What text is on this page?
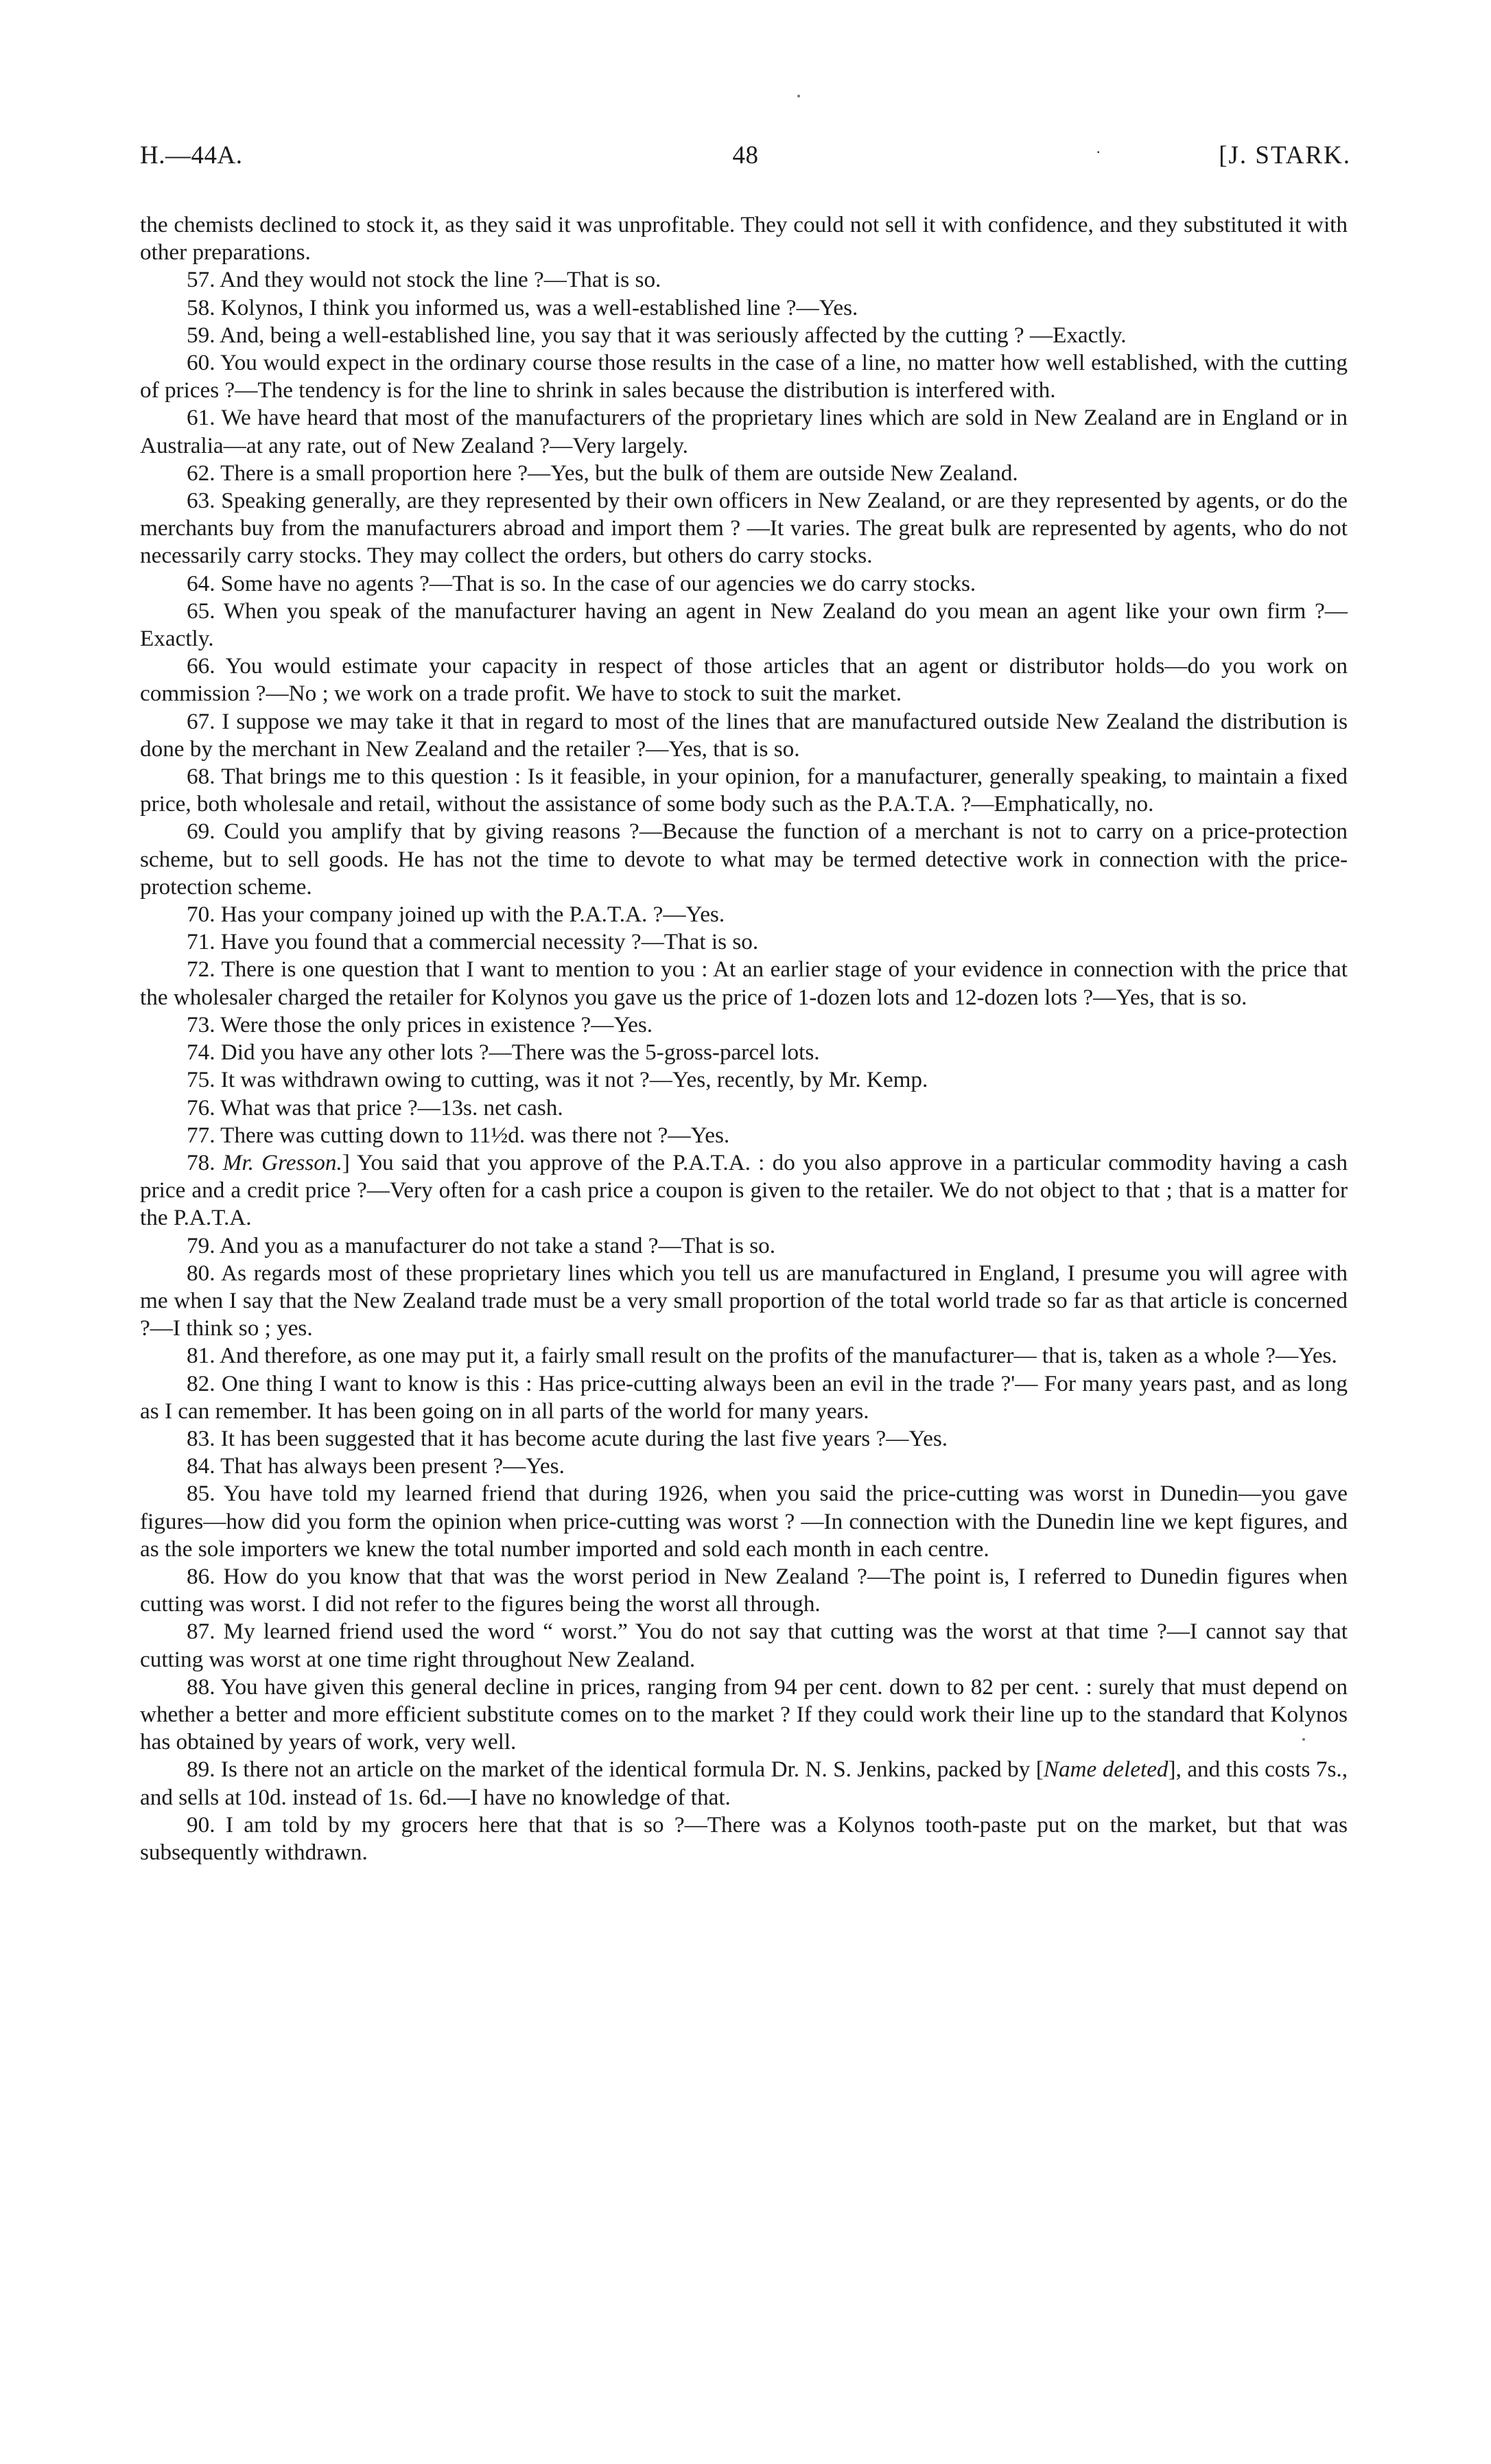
H.—44A.	48	·	[J. STARK.

the chemists declined to stock it, as they said it was unprofitable. They could not sell it with confidence, and they substituted it with other preparations.

57. And they would not stock the line ?—That is so.

58. Kolynos, I think you informed us, was a well-established line ?—Yes.

59. And, being a well-established line, you say that it was seriously affected by the cutting ? —Exactly.

60. You would expect in the ordinary course those results in the case of a line, no matter how well established, with the cutting of prices ?—The tendency is for the line to shrink in sales because the distribution is interfered with.

61. We have heard that most of the manufacturers of the proprietary lines which are sold in New Zealand are in England or in Australia—at any rate, out of New Zealand ?—Very largely.

62. There is a small proportion here ?—Yes, but the bulk of them are outside New Zealand.

63. Speaking generally, are they represented by their own officers in New Zealand, or are they represented by agents, or do the merchants buy from the manufacturers abroad and import them ? —It varies. The great bulk are represented by agents, who do not necessarily carry stocks. They may collect the orders, but others do carry stocks.

64. Some have no agents ?—That is so. In the case of our agencies we do carry stocks.

65. When you speak of the manufacturer having an agent in New Zealand do you mean an agent like your own firm ?—Exactly.

66. You would estimate your capacity in respect of those articles that an agent or distributor holds—do you work on commission ?—No ; we work on a trade profit. We have to stock to suit the market.

67. I suppose we may take it that in regard to most of the lines that are manufactured outside New Zealand the distribution is done by the merchant in New Zealand and the retailer ?—Yes, that is so.

68. That brings me to this question : Is it feasible, in your opinion, for a manufacturer, generally speaking, to maintain a fixed price, both wholesale and retail, without the assistance of some body such as the P.A.T.A. ?—Emphatically, no.

69. Could you amplify that by giving reasons ?—Because the function of a merchant is not to carry on a price-protection scheme, but to sell goods. He has not the time to devote to what may be termed detective work in connection with the price-protection scheme.

70. Has your company joined up with the P.A.T.A. ?—Yes.

71. Have you found that a commercial necessity ?—That is so.

72. There is one question that I want to mention to you : At an earlier stage of your evidence in connection with the price that the wholesaler charged the retailer for Kolynos you gave us the price of 1-dozen lots and 12-dozen lots ?—Yes, that is so.

73. Were those the only prices in existence ?—Yes.

74. Did you have any other lots ?—There was the 5-gross-parcel lots.

75. It was withdrawn owing to cutting, was it not ?—Yes, recently, by Mr. Kemp.

76. What was that price ?—13s. net cash.

77. There was cutting down to 11½d. was there not ?—Yes.

78. Mr. Gresson.] You said that you approve of the P.A.T.A. : do you also approve in a particular commodity having a cash price and a credit price ?—Very often for a cash price a coupon is given to the retailer. We do not object to that ; that is a matter for the P.A.T.A.

79. And you as a manufacturer do not take a stand ?—That is so.

80. As regards most of these proprietary lines which you tell us are manufactured in England, I presume you will agree with me when I say that the New Zealand trade must be a very small proportion of the total world trade so far as that article is concerned ?—I think so ; yes.

81. And therefore, as one may put it, a fairly small result on the profits of the manufacturer— that is, taken as a whole ?—Yes.

82. One thing I want to know is this : Has price-cutting always been an evil in the trade ?'— For many years past, and as long as I can remember. It has been going on in all parts of the world for many years.

83. It has been suggested that it has become acute during the last five years ?—Yes.

84. That has always been present ?—Yes.

85. You have told my learned friend that during 1926, when you said the price-cutting was worst in Dunedin—you gave figures—how did you form the opinion when price-cutting was worst ? —In connection with the Dunedin line we kept figures, and as the sole importers we knew the total number imported and sold each month in each centre.

86. How do you know that that was the worst period in New Zealand ?—The point is, I referred to Dunedin figures when cutting was worst. I did not refer to the figures being the worst all through.

87. My learned friend used the word “ worst.” You do not say that cutting was the worst at that time ?—I cannot say that cutting was worst at one time right throughout New Zealand.

88. You have given this general decline in prices, ranging from 94 per cent. down to 82 per cent. : surely that must depend on whether a better and more efficient substitute comes on to the market ? If they could work their line up to the standard that Kolynos has obtained by years of work, very well.

89. Is there not an article on the market of the identical formula Dr. N. S. Jenkins, packed by [Name deleted], and this costs 7s., and sells at 10d. instead of 1s. 6d.—I have no knowledge of that.

90. I am told by my grocers here that that is so ?—There was a Kolynos tooth-paste put on the market, but that was subsequently withdrawn.
